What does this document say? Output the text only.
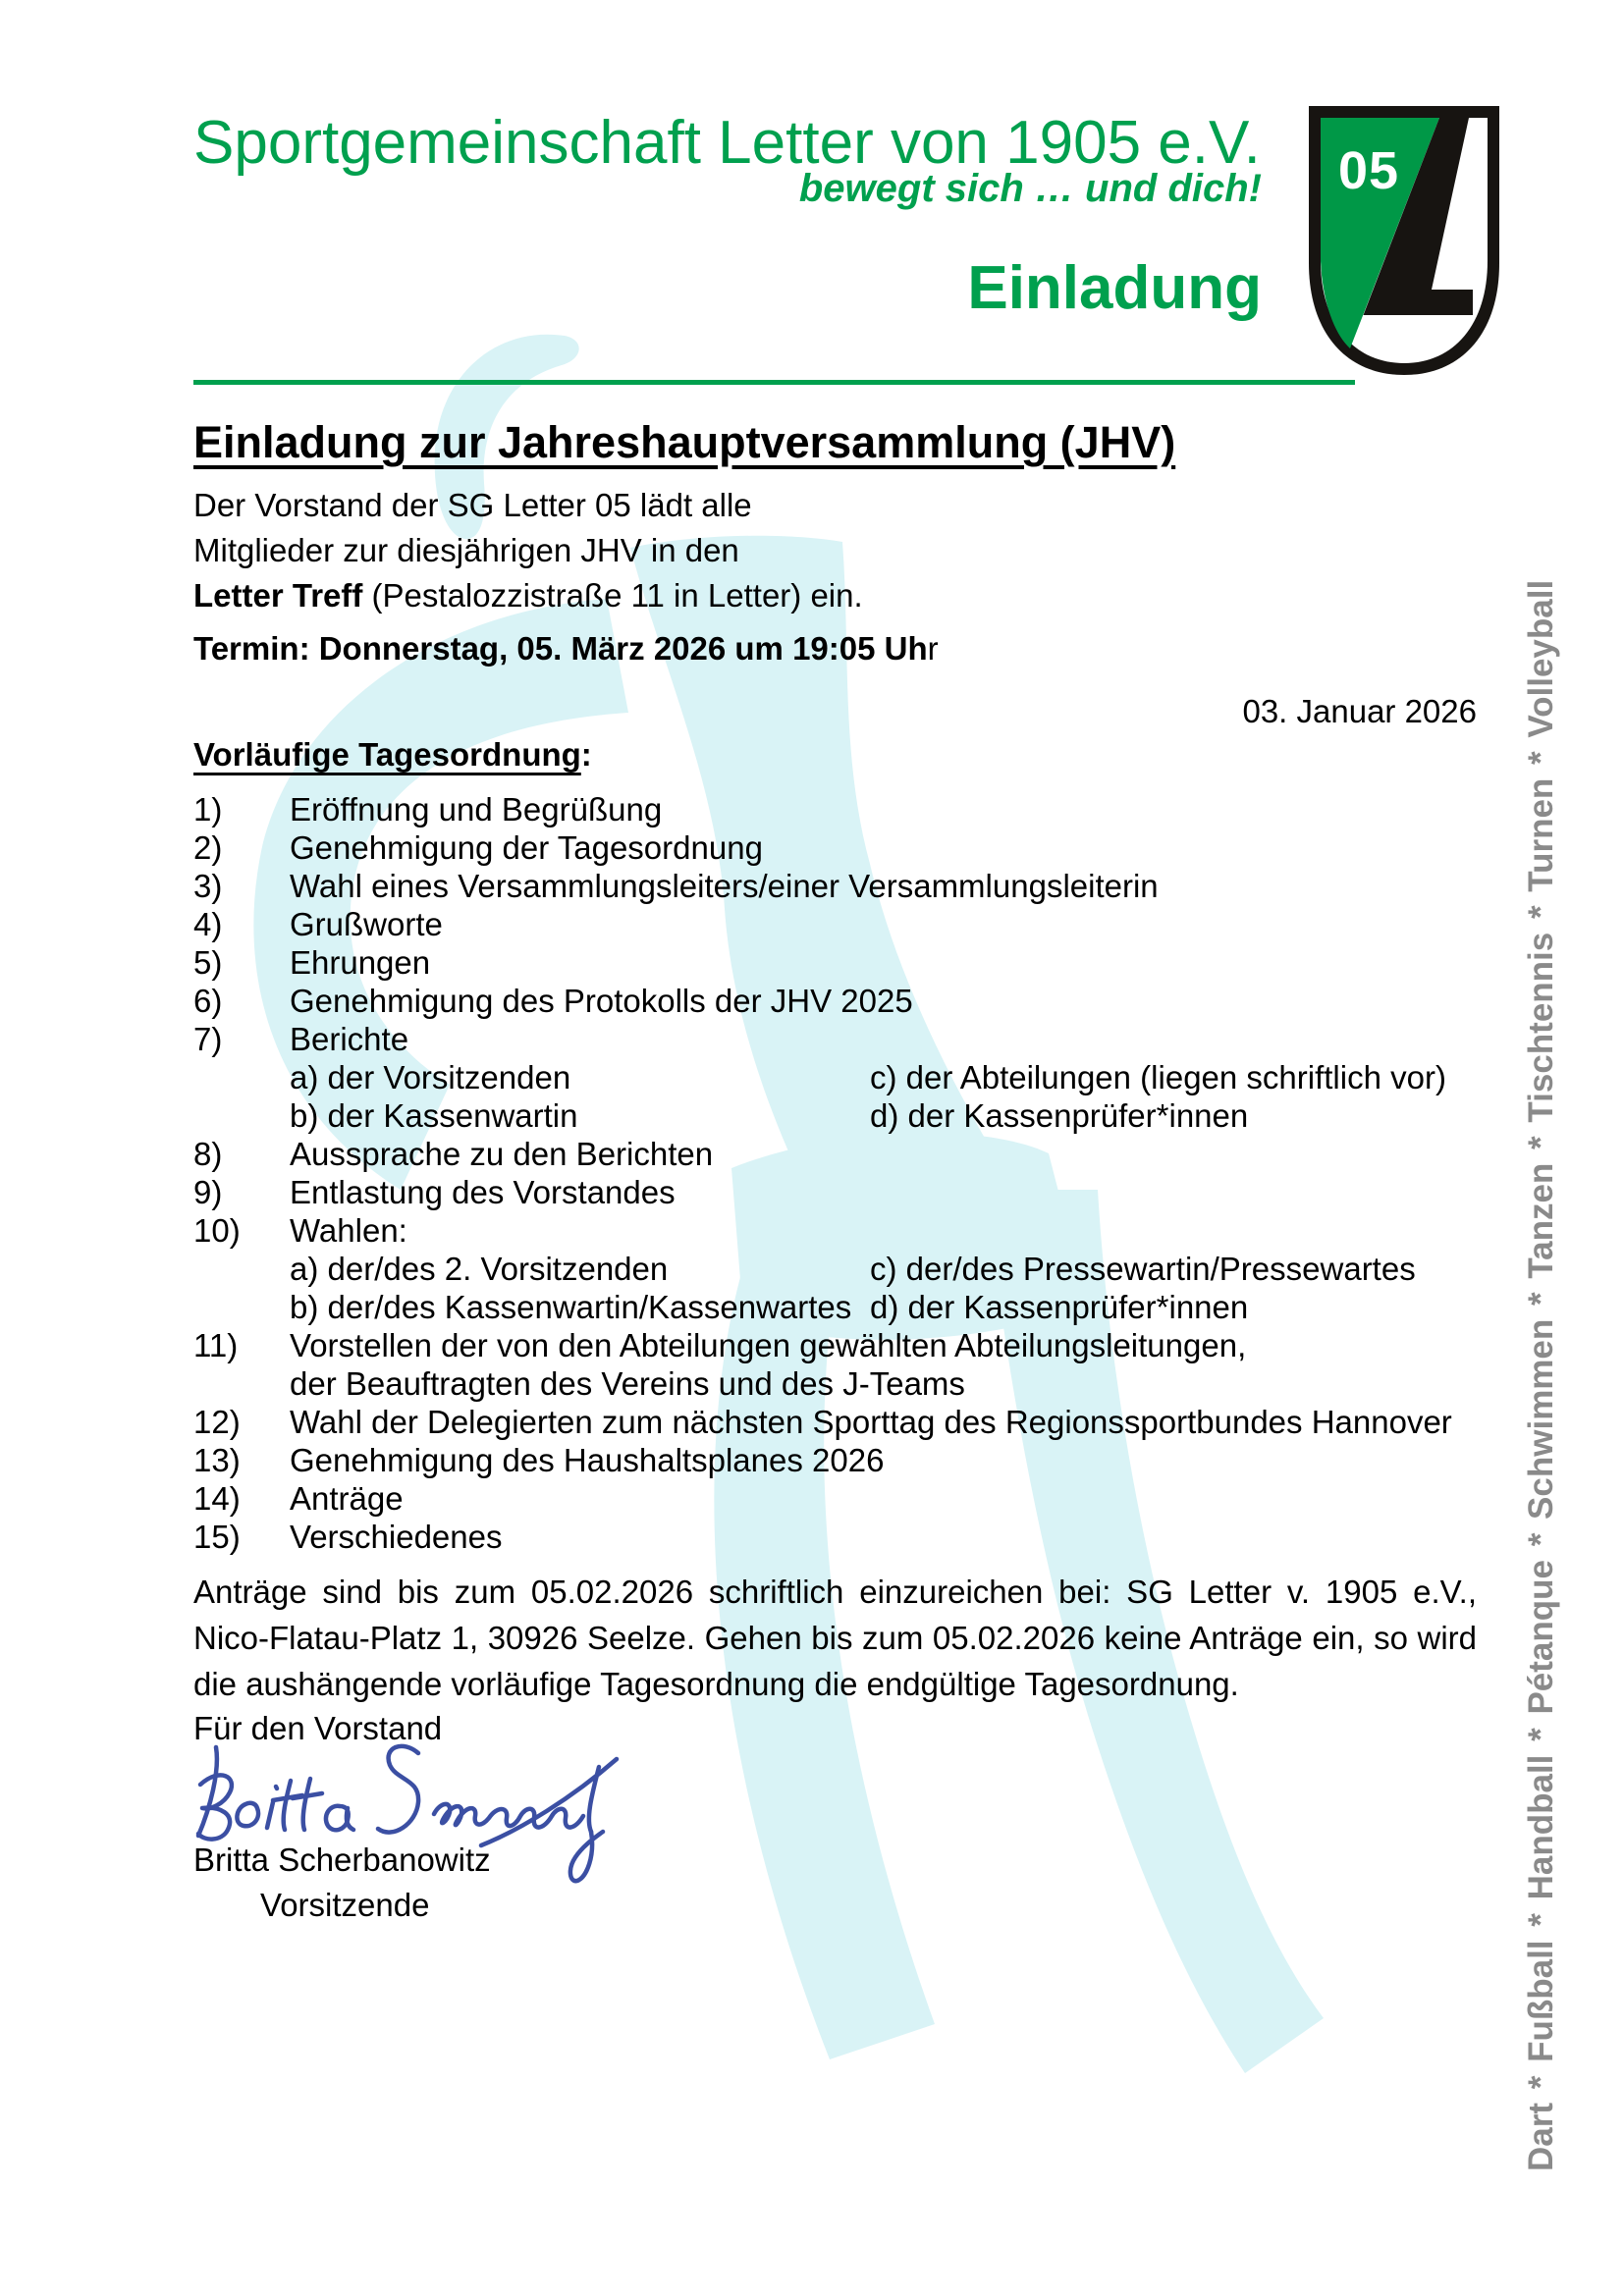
Sportgemeinschaft Letter von 1905 e.V.
bewegt sich … und dich!
Einladung
05
Einladung zur Jahreshauptversammlung (JHV)
Der Vorstand der SG Letter 05 lädt alle
Mitglieder zur diesjährigen JHV in den
Letter Treff (Pestalozzistraße 11 in Letter) ein.
Termin: Donnerstag, 05. März 2026 um 19:05 Uhr
03. Januar 2026
Vorläufige Tagesordnung:
1) Eröffnung und Begrüßung
2) Genehmigung der Tagesordnung
3) Wahl eines Versammlungsleiters/einer Versammlungsleiterin
4) Grußworte
5) Ehrungen
6) Genehmigung des Protokolls der JHV 2025
7) Berichte
a) der Vorsitzenden	c) der Abteilungen (liegen schriftlich vor)
b) der Kassenwartin	d) der Kassenprüfer*innen
8) Aussprache zu den Berichten
9) Entlastung des Vorstandes
10) Wahlen:
a) der/des 2. Vorsitzenden	c) der/des Pressewartin/Pressewartes
b) der/des Kassenwartin/Kassenwartes d) der Kassenprüfer*innen
11) Vorstellen der von den Abteilungen gewählten Abteilungsleitungen,
der Beauftragten des Vereins und des J-Teams
12) Wahl der Delegierten zum nächsten Sporttag des Regionssportbundes Hannover
13) Genehmigung des Haushaltsplanes 2026
14) Anträge
15) Verschiedenes
Anträge sind bis zum 05.02.2026 schriftlich einzureichen bei: SG Letter v. 1905 e.V., Nico-Flatau-Platz 1, 30926 Seelze. Gehen bis zum 05.02.2026 keine Anträge ein, so wird die aushängende vorläufige Tagesordnung die endgültige Tagesordnung.
Für den Vorstand
Britta Scherbanowitz
Vorsitzende	Dart * Fußball * Handball * Pétanque * Schwimmen * Tanzen * Tischtennis * Turnen * Volleyball
